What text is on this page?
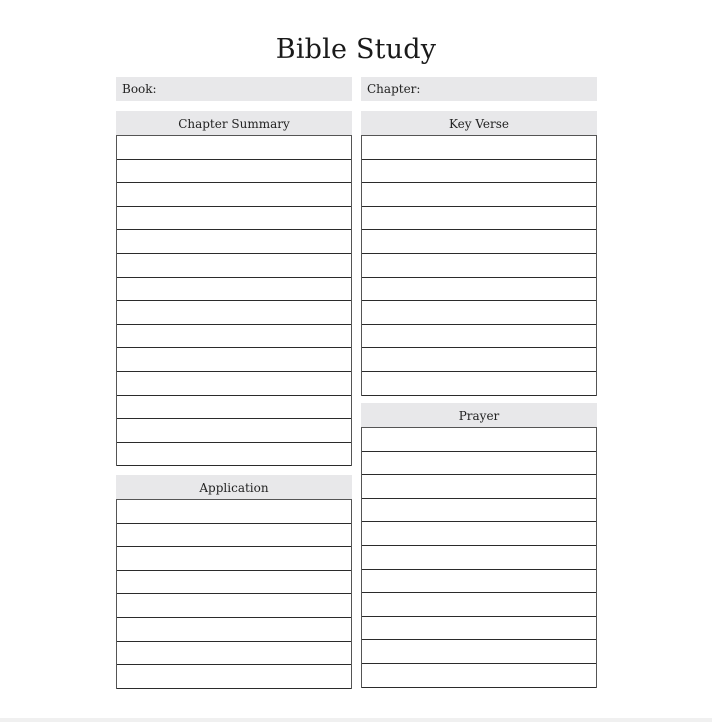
Bible Study
Book:	Chapter:
Chapter Summary	Key Verse
Prayer
Application
